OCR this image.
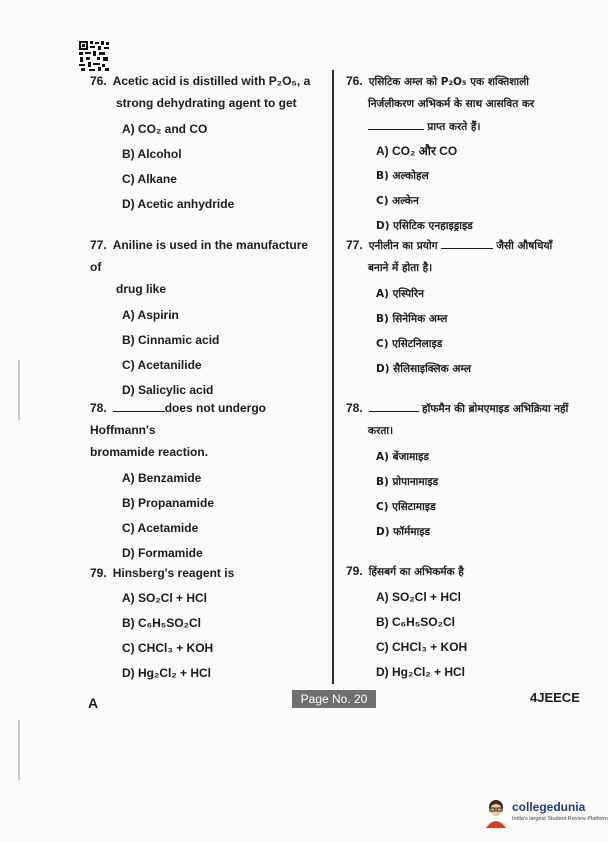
76. Acetic acid is distilled with P₂O₅, a
strong dehydrating agent to get
A) CO₂ and CO
B) Alcohol
C) Alkane
D) Acetic anhydride
77. Aniline is used in the manufacture of
drug like
A) Aspirin
B) Cinnamic acid
C) Acetanilide
D) Salicylic acid
78.	does not undergo Hoffmann's
bromamide reaction.
A) Benzamide
B) Propanamide
C) Acetamide
D) Formamide
79. Hinsberg's reagent is
A) SO₂Cl + HCl
B) C₆H₅SO₂Cl
C) CHCl₃ + KOH
D) Hg₂Cl₂ + HCl
76. एसिटिक अम्ल को P₂O₅ एक शक्तिशाली
निर्जलीकरण अभिकर्म के साथ आसवित कर
प्राप्त करते हैं।
A) CO₂ और CO
B) अल्कोहल
C) अल्केन
D) एसिटिक एनहाइड्राइड
77. एनीलीन का प्रयोग	जैसी औषधियाँ
बनाने में होता है।
A) एस्पिरिन
B) सिनेमिक अम्ल
C) एसिटनिलाइड
D) सैलिसाइक्लिक अम्ल
78.	हॉफमैन की ब्रोमएमाइड अभिक्रिया नहीं
करता।
A) बेंजामाइड
B) प्रोपानामाइड
C) एसिटामाइड
D) फॉर्ममाइड
79. हिंसबर्ग का अभिकर्मक है
A) SO₂Cl + HCl
B) C₆H₅SO₂Cl
C) CHCl₃ + KOH
D) Hg₂Cl₂ + HCl
A	Page No. 20	4JEECE
collegedunia
India's largest Student Review Platform
